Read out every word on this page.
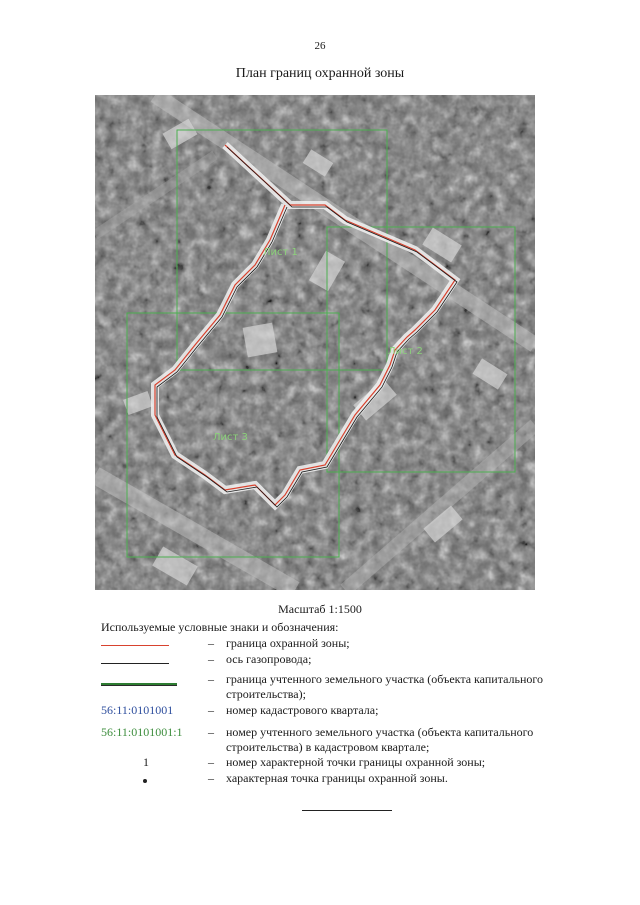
26
План границ охранной зоны
Лист 1
Лист 2
Лист 3
Масштаб 1:1500
Используемые условные знаки и обозначения:
– граница охранной зоны;
– ось газопровода;
– граница учтенного земельного участка (объекта капитального строительства);
56:11:0101001	– номер кадастрового квартала;
56:11:0101001:1 – номер учтенного земельного участка (объекта капитального строительства) в кадастровом квартале;
1	– номер характерной точки границы охранной зоны;
– характерная точка границы охранной зоны.
